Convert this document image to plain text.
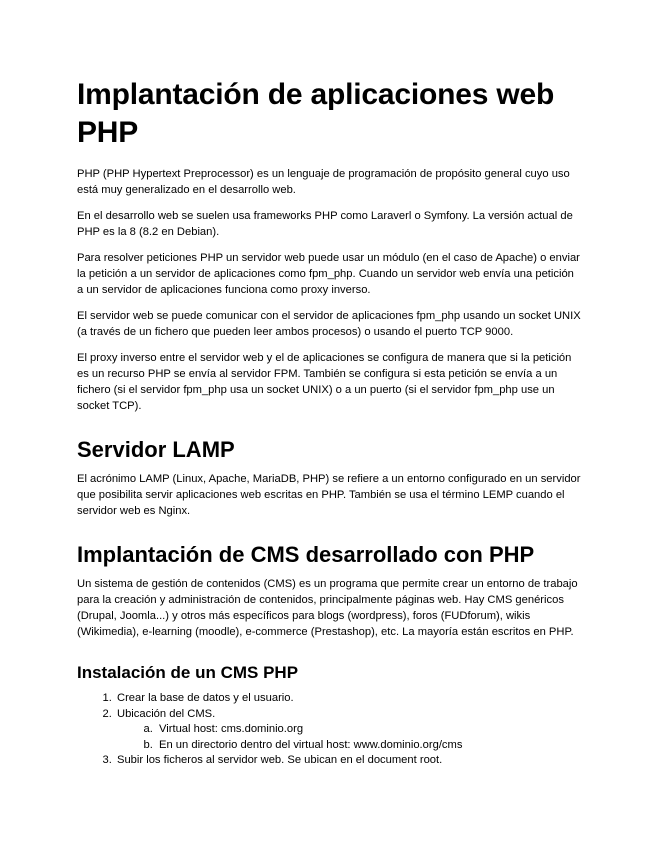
Implantación de aplicaciones web PHP

PHP (PHP Hypertext Preprocessor) es un lenguaje de programación de propósito general cuyo uso está muy generalizado en el desarrollo web.

En el desarrollo web se suelen usa frameworks PHP como Laraverl o Symfony. La versión actual de PHP es la 8 (8.2 en Debian).

Para resolver peticiones PHP un servidor web puede usar un módulo (en el caso de Apache) o enviar la petición a un servidor de aplicaciones como fpm_php. Cuando un servidor web envía una petición a un servidor de aplicaciones funciona como proxy inverso.

El servidor web se puede comunicar con el servidor de aplicaciones fpm_php usando un socket UNIX (a través de un fichero que pueden leer ambos procesos) o usando el puerto TCP 9000.

El proxy inverso entre el servidor web y el de aplicaciones se configura de manera que si la petición es un recurso PHP se envía al servidor FPM. También se configura si esta petición se envía a un fichero (si el servidor fpm_php usa un socket UNIX) o a un puerto (si el servidor fpm_php use un socket TCP).

Servidor LAMP

El acrónimo LAMP (Linux, Apache, MariaDB, PHP) se refiere a un entorno configurado en un servidor que posibilita servir aplicaciones web escritas en PHP. También se usa el término LEMP cuando el servidor web es Nginx.

Implantación de CMS desarrollado con PHP

Un sistema de gestión de contenidos (CMS) es un programa que permite crear un entorno de trabajo para la creación y administración de contenidos, principalmente páginas web. Hay CMS genéricos (Drupal, Joomla...) y otros más específicos para blogs (wordpress), foros (FUDforum), wikis (Wikimedia), e-learning (moodle), e-commerce (Prestashop), etc. La mayoría están escritos en PHP.

Instalación de un CMS PHP
1. Crear la base de datos y el usuario.
2. Ubicación del CMS.
a. Virtual host: cms.dominio.org
b. En un directorio dentro del virtual host: www.dominio.org/cms
3. Subir los ficheros al servidor web. Se ubican en el document root.
